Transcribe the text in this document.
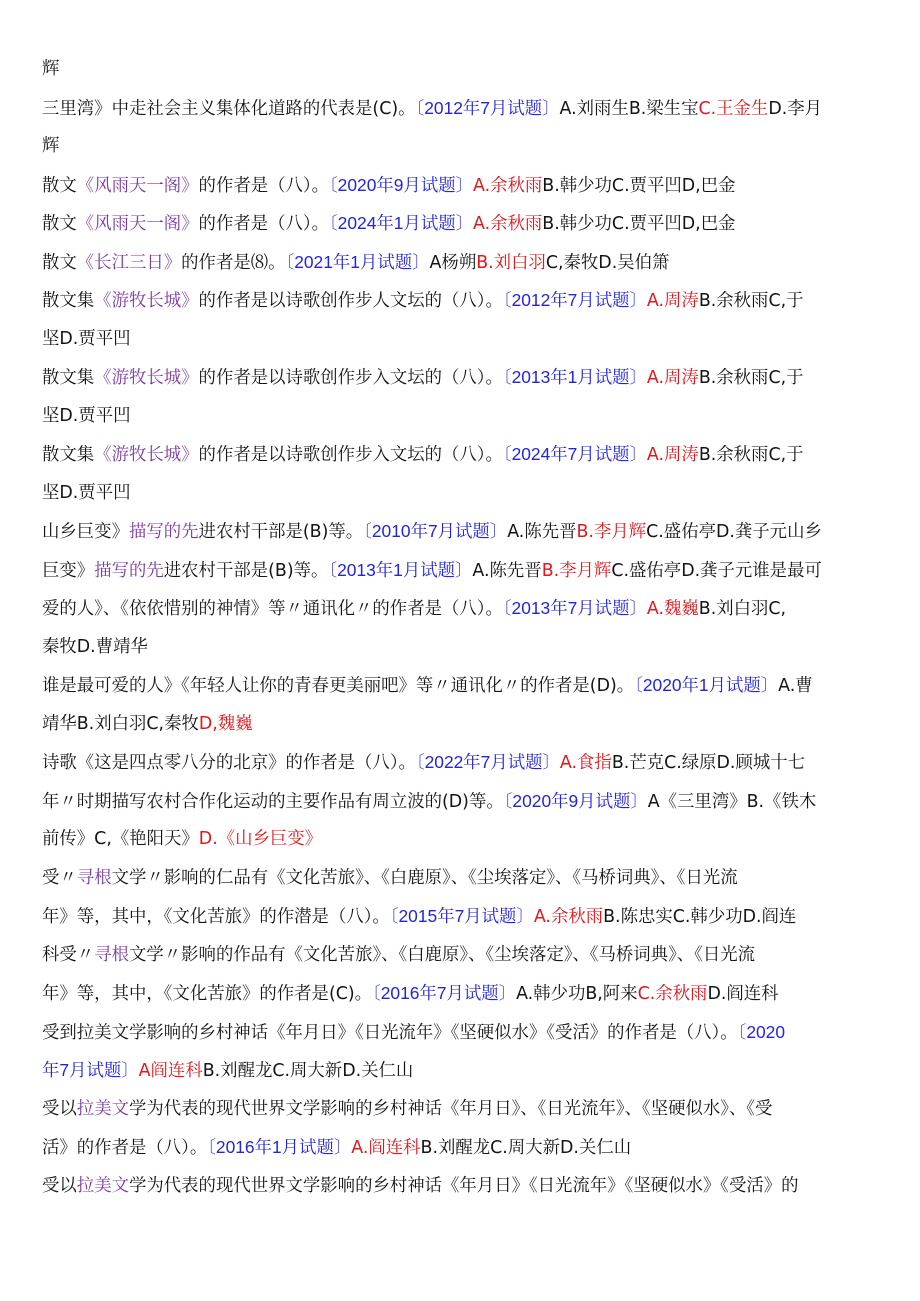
辉
三里湾》中走社会主义集体化道路的代表是(C)。〔2012年7月试题〕A.刘雨生B.梁生宝C.王金生D.李月
辉
散文《风雨天一阁》的作者是（八）。〔2020年9月试题〕A.余秋雨B.韩少功C.贾平凹D,巴金
散文《风雨天一阁》的作者是（八）。〔2024年1月试题〕A.余秋雨B.韩少功C.贾平凹D,巴金
散文《长江三日》的作者是⑻。〔2021年1月试题〕A杨朔B.刘白羽C,秦牧D.吴伯箫
散文集《游牧长城》的作者是以诗歌创作步人文坛的（八）。〔2012年7月试题〕A.周涛B.余秋雨C,于
坚D.贾平凹
散文集《游牧长城》的作者是以诗歌创作步入文坛的（八）。〔2013年1月试题〕A.周涛B.余秋雨C,于
坚D.贾平凹
散文集《游牧长城》的作者是以诗歌创作步入文坛的（八）。〔2024年7月试题〕A.周涛B.余秋雨C,于
坚D.贾平凹
山乡巨变》描写的先进农村干部是(B)等。〔2010年7月试题〕A.陈先晋B.李月辉C.盛佑亭D.龚子元山乡
巨变》描写的先进农村干部是(B)等。〔2013年1月试题〕A.陈先晋B.李月辉C.盛佑亭D.龚子元谁是最可
爱的人》、《依依惜别的神情》等〃通讯化〃的作者是（八）。〔2013年7月试题〕A.魏巍B.刘白羽C,
秦牧D.曹靖华
谁是最可爱的人》《年轻人让你的青春更美丽吧》等〃通讯化〃的作者是(D)。〔2020年1月试题〕A.曹
靖华B.刘白羽C,秦牧D,魏巍
诗歌《这是四点零八分的北京》的作者是（八）。〔2022年7月试题〕A.食指B.芒克C.绿原D.顾城十七
年〃时期描写农村合作化运动的主要作品有周立波的(D)等。〔2020年9月试题〕A《三里湾》B.《铁木
前传》C,《艳阳天》D.《山乡巨变》
受〃寻根文学〃影响的仁品有《文化苦旅》、《白鹿原》、《尘埃落定》、《马桥词典》、《日光流
年》等，其中，《文化苦旅》的作潜是（八）。〔2015年7月试题〕A.余秋雨B.陈忠实C.韩少功D.阎连
科受〃寻根文学〃影响的作品有《文化苦旅》、《白鹿原》、《尘埃落定》、《马桥词典》、《日光流
年》等，其中，《文化苦旅》的作者是(C)。〔2016年7月试题〕A.韩少功B,阿来C.余秋雨D.阎连科
受到拉美文学影响的乡村神话《年月日》《日光流年》《坚硬似水》《受活》的作者是（八）。〔2020
年7月试题〕A阎连科B.刘醒龙C.周大新D.关仁山
受以拉美文学为代表的现代世界文学影响的乡村神话《年月日》、《日光流年》、《坚硬似水》、《受
活》的作者是（八）。〔2016年1月试题〕A.阎连科B.刘醒龙C.周大新D.关仁山
受以拉美文学为代表的现代世界文学影响的乡村神话《年月日》《日光流年》《坚硬似水》《受活》的
